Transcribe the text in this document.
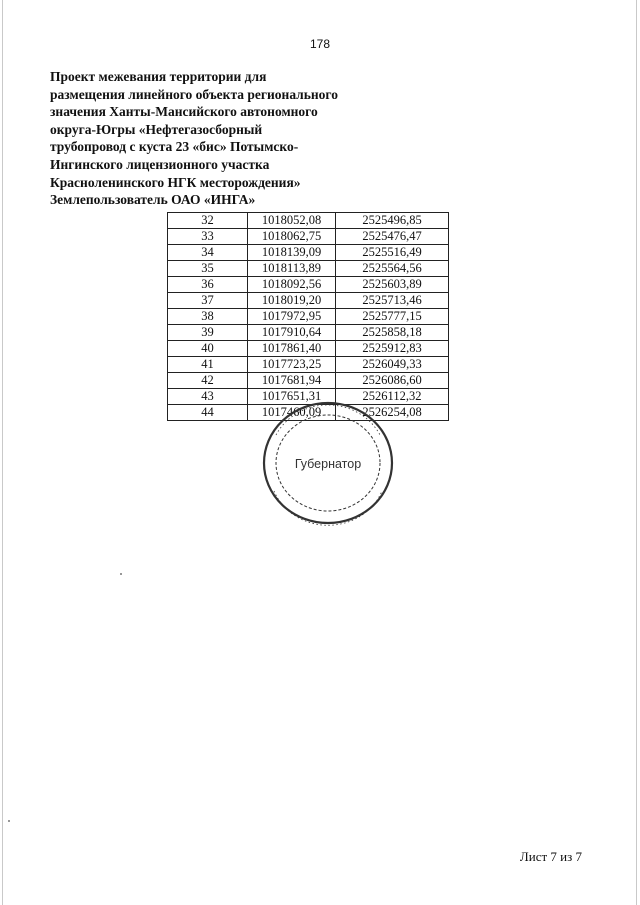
178
Проект межевания территории для
размещения линейного объекта регионального
значения Ханты-Мансийского автономного
округа-Югры «Нефтегазосборный
трубопровод с куста 23 «бис» Потымско-
Ингинского лицензионного участка
Красноленинского НГК месторождения»
Землепользователь ОАО «ИНГА»
32	1018052,08	2525496,85
33	1018062,75	2525476,47
34	1018139,09	2525516,49
35	1018113,89	2525564,56
36	1018092,56	2525603,89
37	1018019,20	2525713,46
38	1017972,95	2525777,15
39	1017910,64	2525858,18
40	1017861,40	2525912,83
41	1017723,25	2526049,33
42	1017681,94	2526086,60
43	1017651,31	2526112,32
44	1017460,09	2526254,08
Губернатор
Лист 7 из 7
